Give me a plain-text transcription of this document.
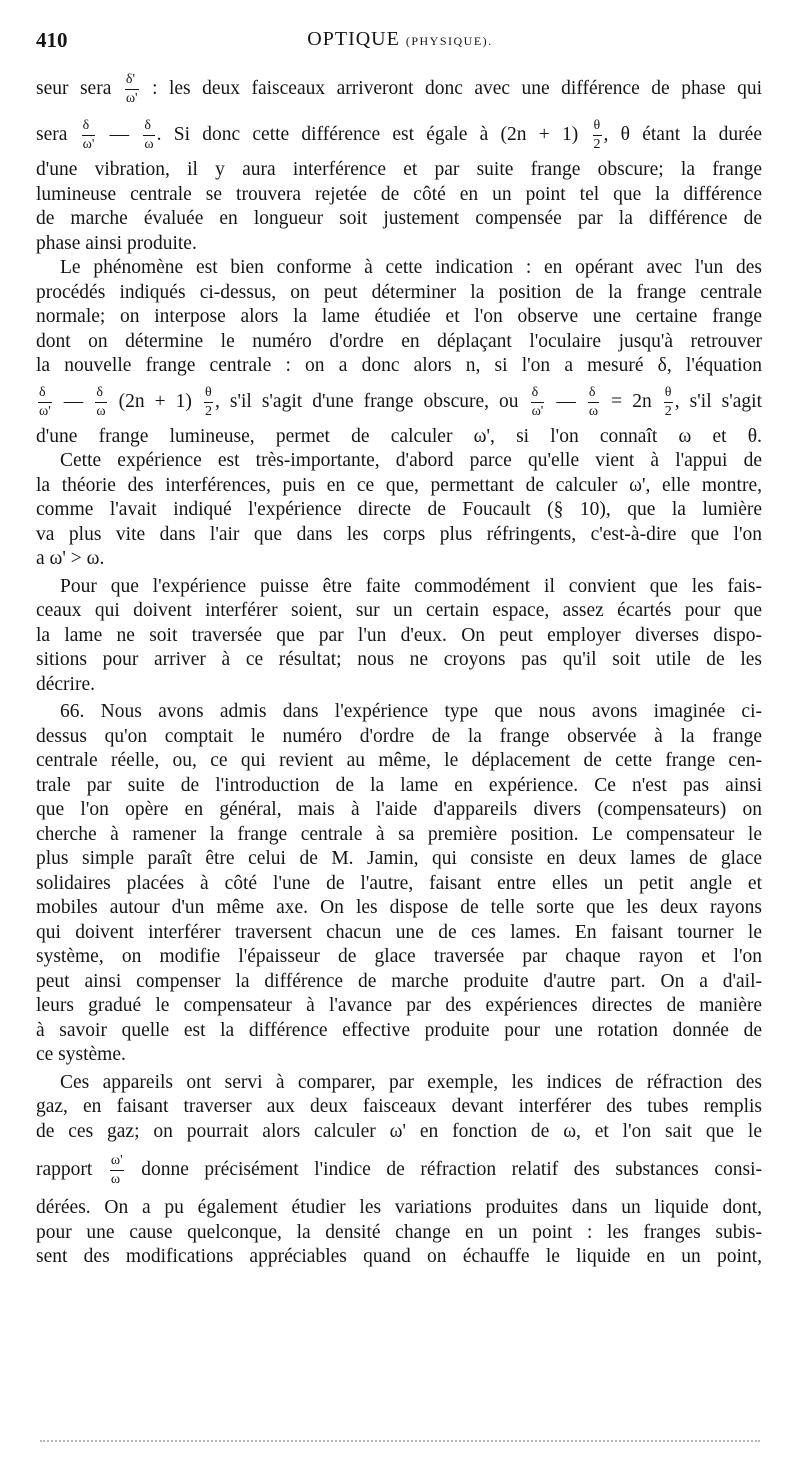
410	OPTIQUE (PHYSIQUE).
seur sera $\frac{\delta'}{\omega'}$ : les deux faisceaux arriveront donc avec une différence de phase qui
sera $\frac{\delta}{\omega'}$ — $\frac{\delta}{\omega}$ . Si donc cette différence est égale à $(2n + 1) \frac{\theta}{2}$ , θ étant la durée
d'une vibration, il y aura interférence et par suite frange obscure; la frange
lumineuse centrale se trouvera rejetée de côté en un point tel que la différence
de marche évaluée en longueur soit justement compensée par la différence de
phase ainsi produite.
Le phénomène est bien conforme à cette indication : en opérant avec l'un des
procédés indiqués ci-dessus, on peut déterminer la position de la frange centrale
normale; on interpose alors la lame étudiée et l'on observe une certaine frange
dont on détermine le numéro d'ordre en déplaçant l'oculaire jusqu'à retrouver
la nouvelle frange centrale : on a donc alors n, si l'on a mesuré δ, l'équation
$\frac{\delta}{\omega'}$ — $\frac{\delta}{\omega} (2n + 1) \frac{\theta}{2}$ , s'il s'agit d'une frange obscure, ou $\frac{\delta}{\omega'}$ — $\frac{\delta}{\omega} = 2n \frac{\theta}{2}$ , s'il s'agit
d'une frange lumineuse, permet de calculer ω', si l'on connaît ω et θ.
Cette expérience est très-importante, d'abord parce qu'elle vient à l'appui de
la théorie des interférences, puis en ce que, permettant de calculer ω', elle montre,
comme l'avait indiqué l'expérience directe de Foucault (§ 10), que la lumière
va plus vite dans l'air que dans les corps plus réfringents, c'est-à-dire que l'on
a ω' > ω.
Pour que l'expérience puisse être faite commodément il convient que les fais-
ceaux qui doivent interférer soient, sur un certain espace, assez écartés pour que
la lame ne soit traversée que par l'un d'eux. On peut employer diverses dispo-
sitions pour arriver à ce résultat; nous ne croyons pas qu'il soit utile de les
décrire.
66. Nous avons admis dans l'expérience type que nous avons imaginée ci-
dessus qu'on comptait le numéro d'ordre de la frange observée à la frange
centrale réelle, ou, ce qui revient au même, le déplacement de cette frange cen-
trale par suite de l'introduction de la lame en expérience. Ce n'est pas ainsi
que l'on opère en général, mais à l'aide d'appareils divers (compensateurs) on
cherche à ramener la frange centrale à sa première position. Le compensateur le
plus simple paraît être celui de M. Jamin, qui consiste en deux lames de glace
solidaires placées à côté l'une de l'autre, faisant entre elles un petit angle et
mobiles autour d'un même axe. On les dispose de telle sorte que les deux rayons
qui doivent interférer traversent chacun une de ces lames. En faisant tourner le
système, on modifie l'épaisseur de glace traversée par chaque rayon et l'on
peut ainsi compenser la différence de marche produite d'autre part. On a d'ail-
leurs gradué le compensateur à l'avance par des expériences directes de manière
à savoir quelle est la différence effective produite pour une rotation donnée de
ce système.
Ces appareils ont servi à comparer, par exemple, les indices de réfraction des
gaz, en faisant traverser aux deux faisceaux devant interférer des tubes remplis
de ces gaz; on pourrait alors calculer ω' en fonction de ω, et l'on sait que le
rapport $\frac{\omega'}{\omega}$ donne précisément l'indice de réfraction relatif des substances consi-
dérées. On a pu également étudier les variations produites dans un liquide dont,
pour une cause quelconque, la densité change en un point : les franges subis-
sent des modifications appréciables quand on échauffe le liquide en un point,
